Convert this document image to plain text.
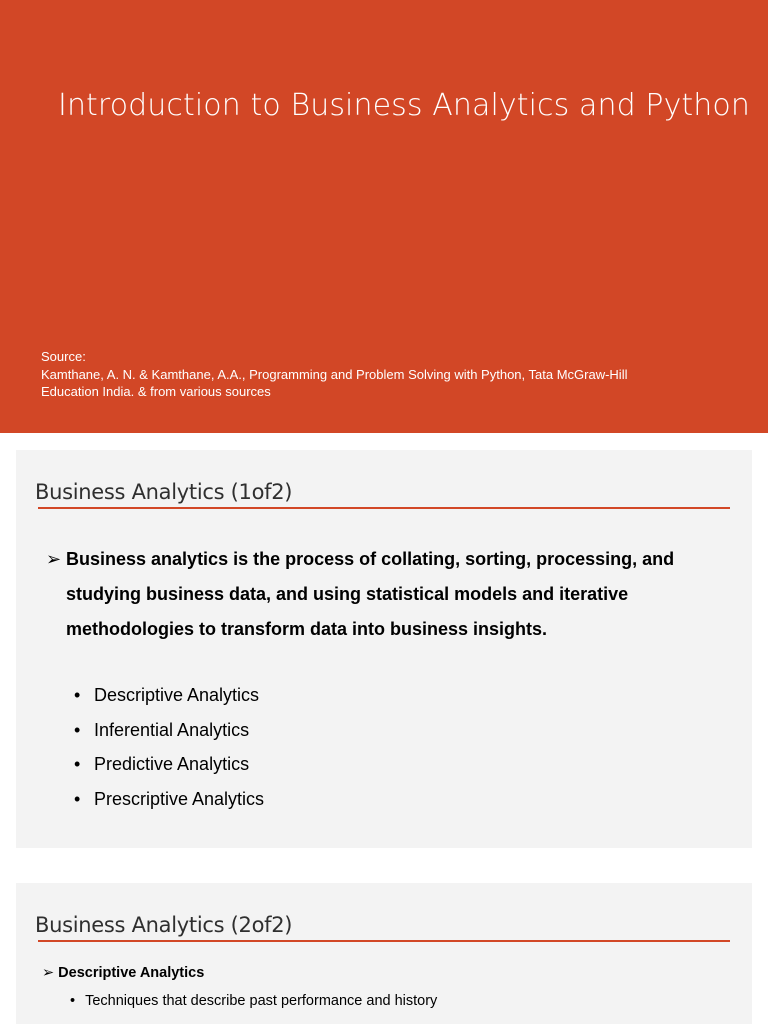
Introduction to Business Analytics and Python
Source:
Kamthane, A. N. & Kamthane, A.A., Programming and Problem Solving with Python, Tata McGraw-Hill
Education India. & from various sources
Business Analytics (1of2)
➢ Business analytics is the process of collating, sorting, processing, and studying business data, and using statistical models and iterative methodologies to transform data into business insights.
• Descriptive Analytics
• Inferential Analytics
• Predictive Analytics
• Prescriptive Analytics
Business Analytics (2of2)
➢ Descriptive Analytics
• Techniques that describe past performance and history
